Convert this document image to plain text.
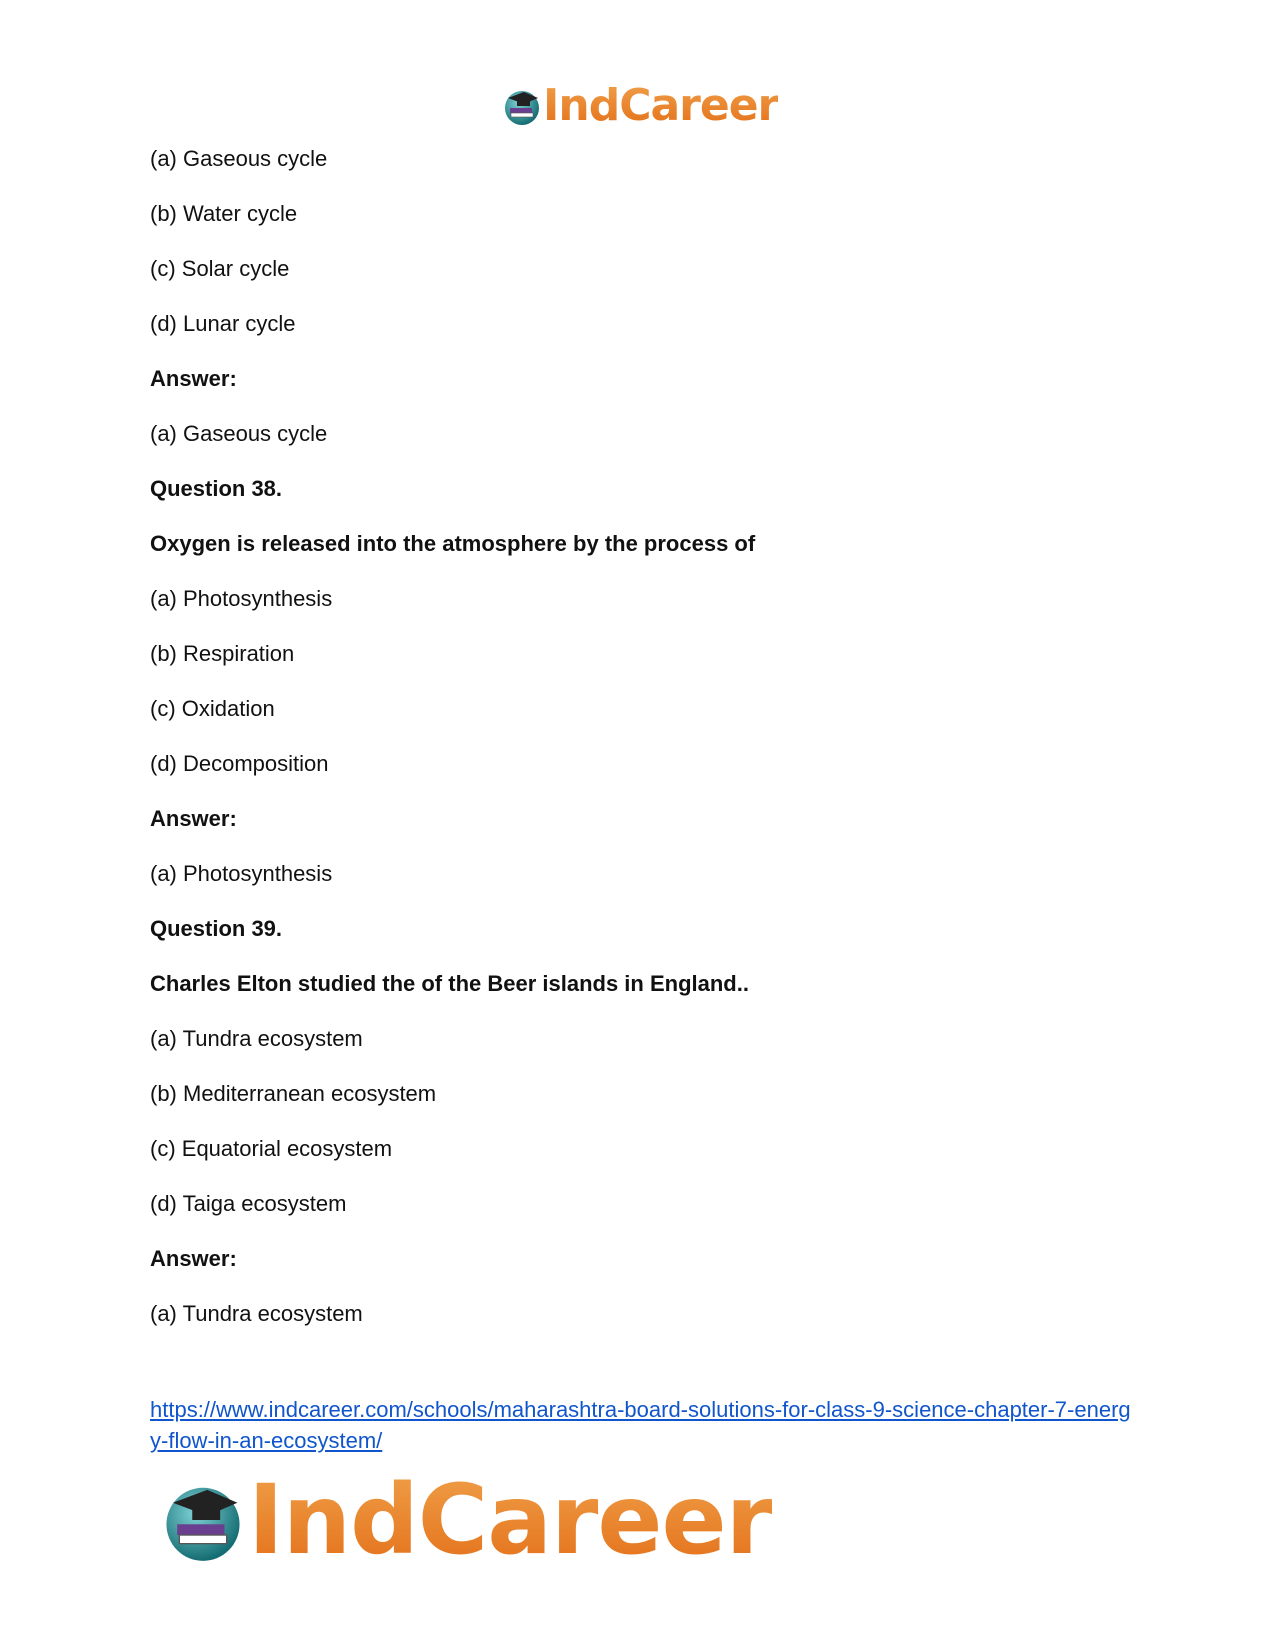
IndCareer
(a) Gaseous cycle
(b) Water cycle
(c) Solar cycle
(d) Lunar cycle
Answer:
(a) Gaseous cycle
Question 38.
Oxygen is released into the atmosphere by the process of
(a) Photosynthesis
(b) Respiration
(c) Oxidation
(d) Decomposition
Answer:
(a) Photosynthesis
Question 39.
Charles Elton studied the of the Beer islands in England..
(a) Tundra ecosystem
(b) Mediterranean ecosystem
(c) Equatorial ecosystem
(d) Taiga ecosystem
Answer:
(a) Tundra ecosystem
https://www.indcareer.com/schools/maharashtra-board-solutions-for-class-9-science-chapter-7-energy-flow-in-an-ecosystem/
IndCareer
